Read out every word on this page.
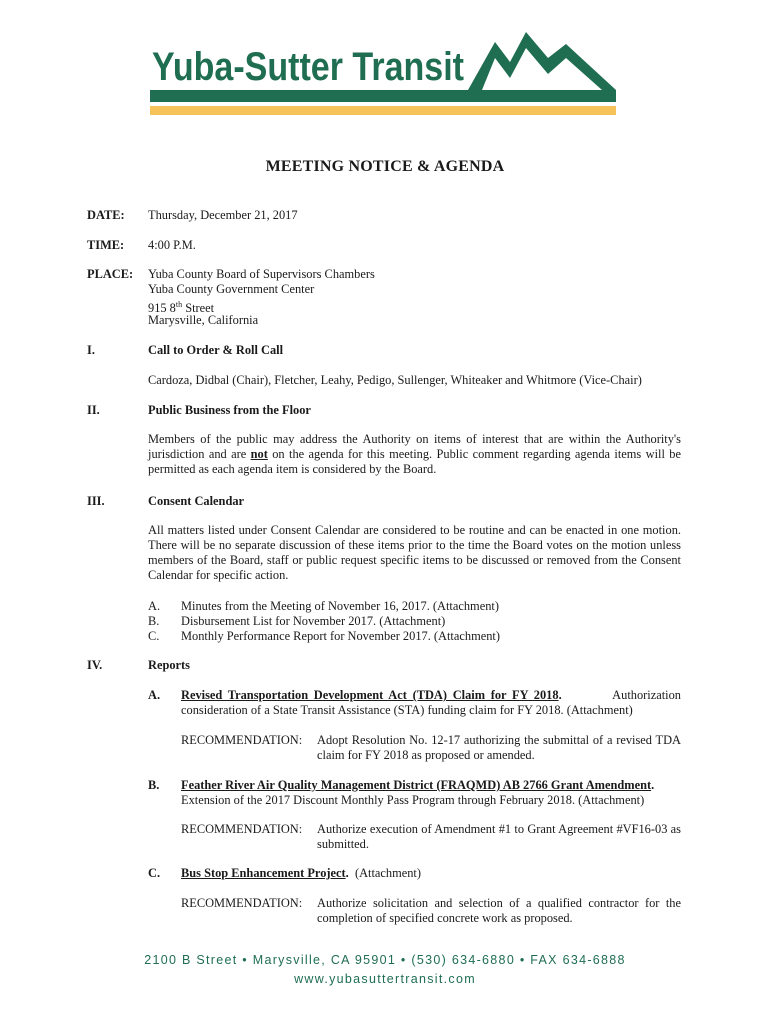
Yuba-Sutter Transit
MEETING NOTICE & AGENDA
DATE: Thursday, December 21, 2017
TIME: 4:00 P.M.
PLACE: Yuba County Board of Supervisors Chambers
Yuba County Government Center
915 8th Street
Marysville, California
I.	Call to Order & Roll Call
Cardoza, Didbal (Chair), Fletcher, Leahy, Pedigo, Sullenger, Whiteaker and Whitmore (Vice-Chair)
II.	Public Business from the Floor
Members of the public may address the Authority on items of interest that are within the Authority's jurisdiction and are not on the agenda for this meeting. Public comment regarding agenda items will be permitted as each agenda item is considered by the Board.
III.	Consent Calendar
All matters listed under Consent Calendar are considered to be routine and can be enacted in one motion. There will be no separate discussion of these items prior to the time the Board votes on the motion unless members of the Board, staff or public request specific items to be discussed or removed from the Consent Calendar for specific action.
A. Minutes from the Meeting of November 16, 2017. (Attachment)
B. Disbursement List for November 2017. (Attachment)
C. Monthly Performance Report for November 2017. (Attachment)
IV.	Reports
A. Revised Transportation Development Act (TDA) Claim for FY 2018.	Authorization
consideration of a State Transit Assistance (STA) funding claim for FY 2018. (Attachment)
RECOMMENDATION: Adopt Resolution No. 12-17 authorizing the submittal of a revised TDA claim for FY 2018 as proposed or amended.
B. Feather River Air Quality Management District (FRAQMD) AB 2766 Grant Amendment.
Extension of the 2017 Discount Monthly Pass Program through February 2018. (Attachment)
RECOMMENDATION: Authorize execution of Amendment #1 to Grant Agreement #VF16-03 as submitted.
C. Bus Stop Enhancement Project.  (Attachment)
RECOMMENDATION: Authorize solicitation and selection of a qualified contractor for the completion of specified concrete work as proposed.
2100 B Street • Marysville, CA 95901 • (530) 634-6880 • FAX 634-6888
www.yubasuttertransit.com
